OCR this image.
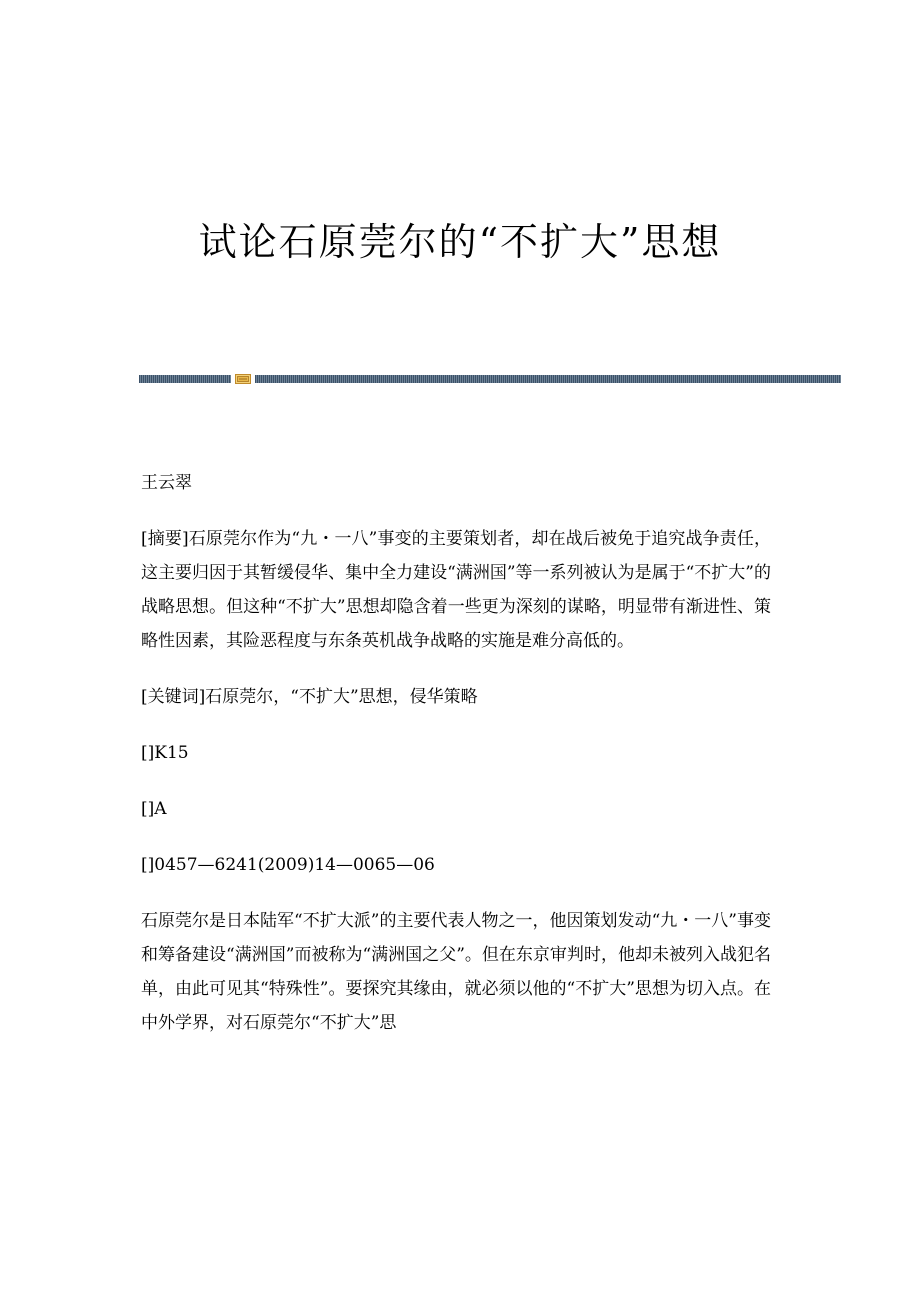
试论石原莞尔的“不扩大”思想

王云翠

[摘要]石原莞尔作为“九・一八”事变的主要策划者，却在战后被免于追究战争责任，这主要归因于其暂缓侵华、集中全力建设“满洲国”等一系列被认为是属于“不扩大”的战略思想。但这种“不扩大”思想却隐含着一些更为深刻的谋略，明显带有渐进性、策略性因素，其险恶程度与东条英机战争战略的实施是难分高低的。

[关键词]石原莞尔，“不扩大”思想，侵华策略

[]K15

[]A

[]0457—6241(2009)14—0065—06

石原莞尔是日本陆军“不扩大派”的主要代表人物之一，他因策划发动“九・一八”事变和筹备建设“满洲国”而被称为“满洲国之父”。但在东京审判时，他却未被列入战犯名单，由此可见其“特殊性”。要探究其缘由，就必须以他的“不扩大”思想为切入点。在中外学界，对石原莞尔“不扩大”思
